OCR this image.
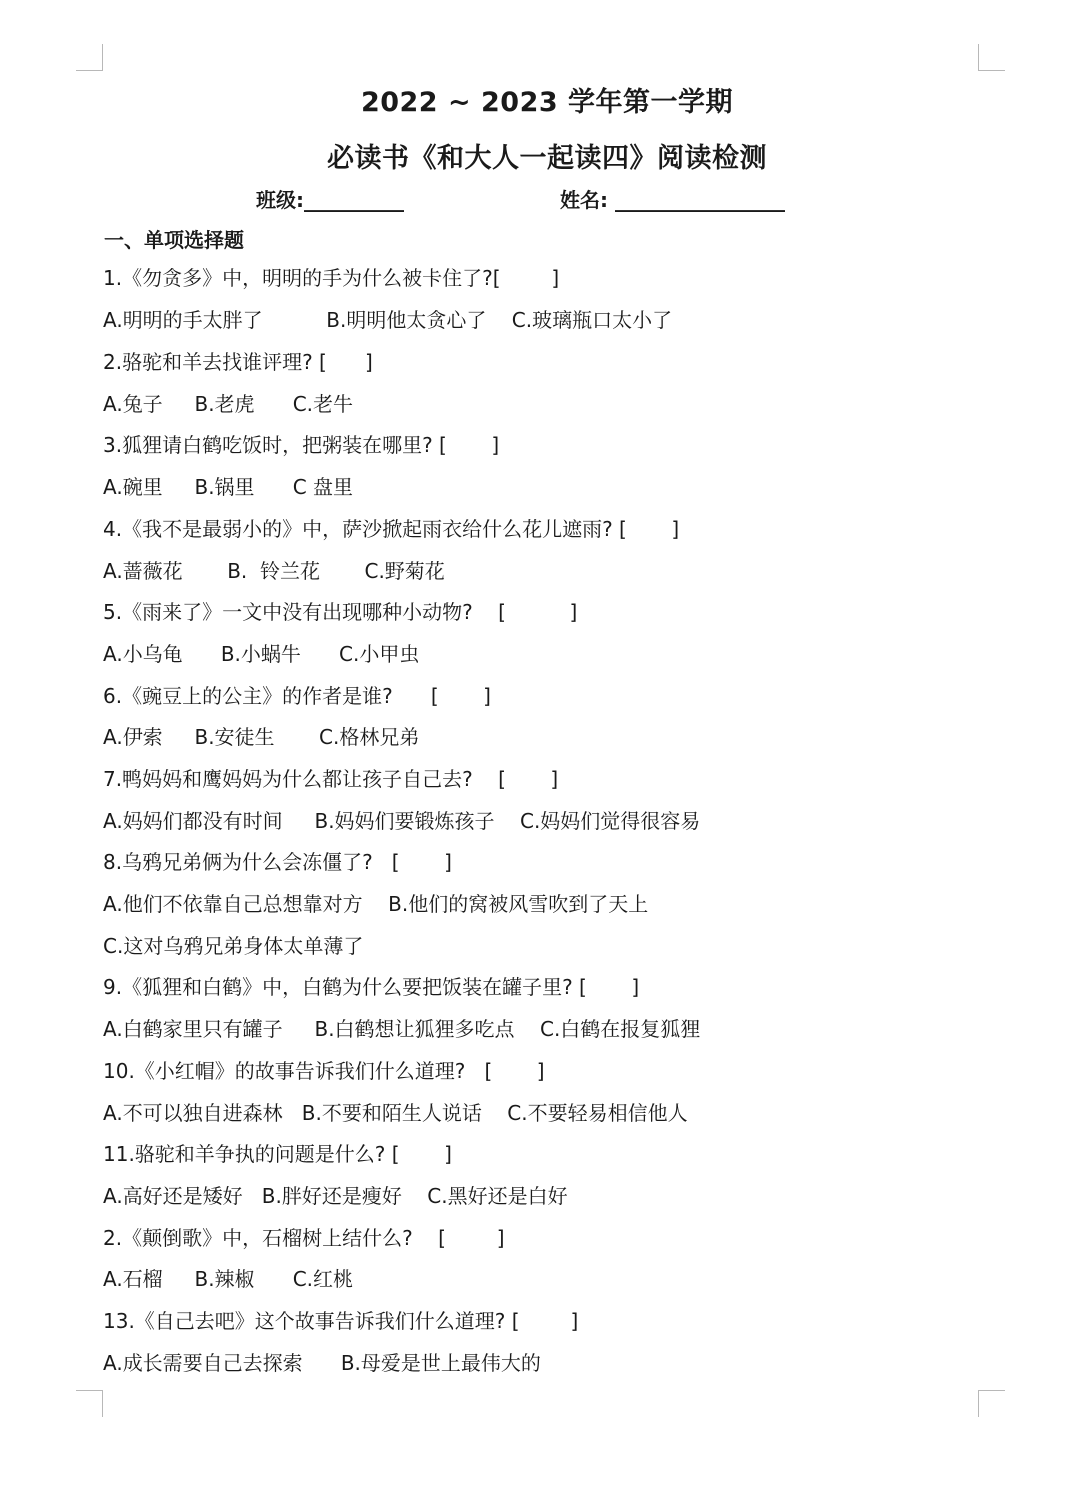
2022 ~ 2023 学年第一学期
必读书《和大人一起读四》阅读检测
班级:__________	姓名: _________________
一、单项选择题
1.《勿贪多》中，明明的手为什么被卡住了?[        ]
A.明明的手太胖了          B.明明他太贪心了    C.玻璃瓶口太小了
2.骆驼和羊去找谁评理? [      ]
A.兔子     B.老虎      C.老牛
3.狐狸请白鹤吃饭时，把粥装在哪里? [       ]
A.碗里     B.锅里      C 盘里
4.《我不是最弱小的》中，萨沙掀起雨衣给什么花儿遮雨? [       ]
A.蔷薇花       B.  铃兰花       C.野菊花
5.《雨来了》一文中没有出现哪种小动物?    [          ]
A.小乌龟      B.小蜗牛      C.小甲虫
6.《豌豆上的公主》的作者是谁?      [       ]
A.伊索     B.安徒生       C.格林兄弟
7.鸭妈妈和鹰妈妈为什么都让孩子自己去?    [       ]
A.妈妈们都没有时间     B.妈妈们要锻炼孩子    C.妈妈们觉得很容易
8.乌鸦兄弟俩为什么会冻僵了?   [       ]
A.他们不依靠自己总想靠对方    B.他们的窝被风雪吹到了天上
C.这对乌鸦兄弟身体太单薄了
9.《狐狸和白鹤》中，白鹤为什么要把饭装在罐子里? [       ]
A.白鹤家里只有罐子     B.白鹤想让狐狸多吃点    C.白鹤在报复狐狸
10.《小红帽》的故事告诉我们什么道理?   [       ]
A.不可以独自进森林   B.不要和陌生人说话    C.不要轻易相信他人
11.骆驼和羊争执的问题是什么? [       ]
A.高好还是矮好   B.胖好还是瘦好    C.黑好还是白好
2.《颠倒歌》中，石榴树上结什么?    [        ]
A.石榴     B.辣椒      C.红桃
13.《自己去吧》这个故事告诉我们什么道理? [        ]
A.成长需要自己去探索      B.母爱是世上最伟大的
